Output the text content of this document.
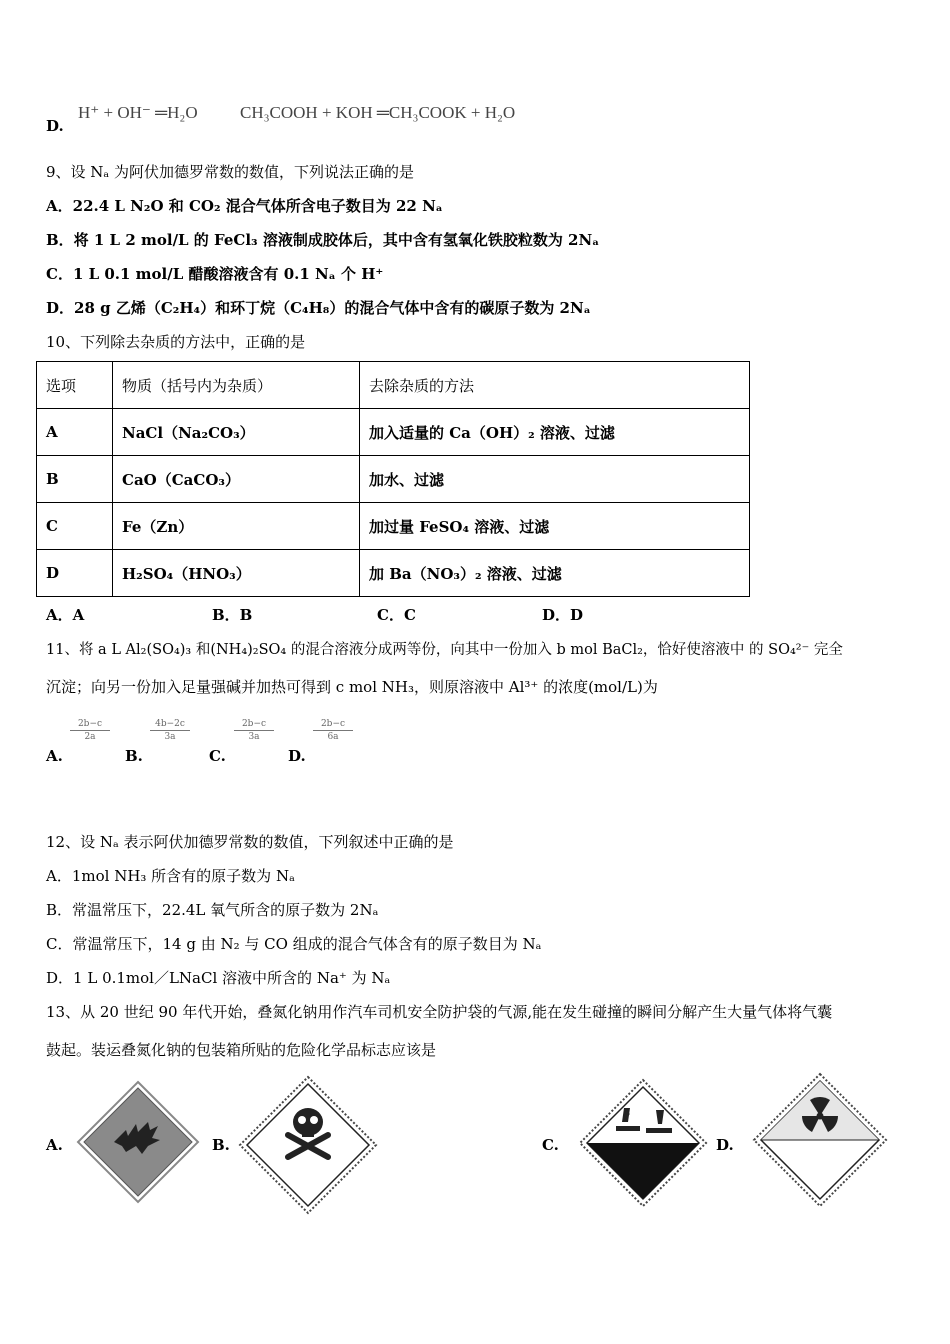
D.
H⁺ + OH⁻ ═H₂O CH₃COOH + KOH ═CH₃COOK + H₂O
9、设 Nₐ 为阿伏加德罗常数的数值，下列说法正确的是
A．22.4 L N₂O 和 CO₂ 混合气体所含电子数目为 22 Nₐ
B．将 1 L 2 mol/L 的 FeCl₃ 溶液制成胶体后，其中含有氢氧化铁胶粒数为 2Nₐ
C．1 L 0.1 mol/L 醋酸溶液含有 0.1 Nₐ 个 H⁺
D．28 g 乙烯（C₂H₄）和环丁烷（C₄H₈）的混合气体中含有的碳原子数为 2Nₐ
10、下列除去杂质的方法中，正确的是
选项	物质（括号内为杂质）	去除杂质的方法
A	NaCl（Na₂CO₃）	加入适量的 Ca（OH）₂ 溶液、过滤
B	CaO（CaCO₃）	加水、过滤
C	Fe（Zn）	加过量 FeSO₄ 溶液、过滤
D	H₂SO₄（HNO₃）	加 Ba（NO₃）₂ 溶液、过滤
A．A	B．B	C．C	D．D
11、将 a L Al₂(SO₄)₃ 和(NH₄)₂SO₄ 的混合溶液分成两等份，向其中一份加入 b mol BaCl₂，恰好使溶液中 的 SO₄²⁻ 完全
沉淀；向另一份加入足量强碱并加热可得到 c mol NH₃，则原溶液中 Al³⁺ 的浓度(mol/L)为
A.
$\frac{2b-c}{2a}$
B.
$\frac{4b-2c}{3a}$
C.
$\frac{2b-c}{3a}$
D.
$\frac{2b-c}{6a}$
12、设 Nₐ 表示阿伏加德罗常数的数值，下列叙述中正确的是
A．1mol NH₃ 所含有的原子数为 Nₐ
B．常温常压下，22.4L 氧气所含的原子数为 2Nₐ
C．常温常压下，14 g 由 N₂ 与 CO 组成的混合气体含有的原子数目为 Nₐ
D．1 L 0.1mol／LNaCl 溶液中所含的 Na⁺ 为 Nₐ
13、从 20 世纪 90 年代开始，叠氮化钠用作汽车司机安全防护袋的气源,能在发生碰撞的瞬间分解产生大量气体将气囊
鼓起。装运叠氮化钠的包装箱所贴的危险化学品标志应该是
A.	B.	C.	D.
